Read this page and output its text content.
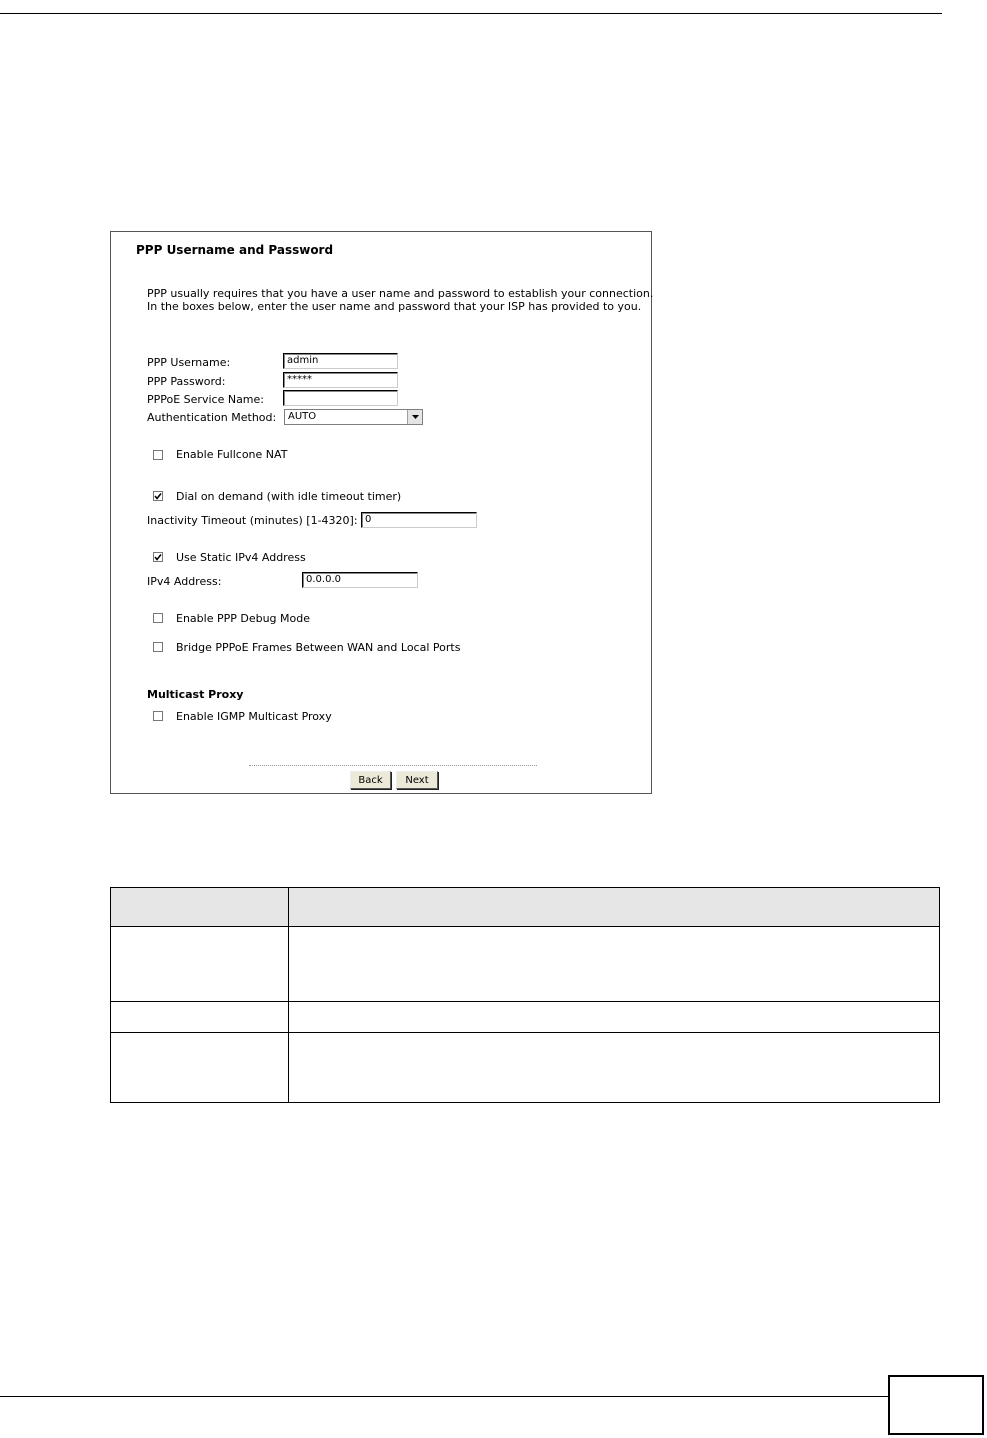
PPP Username and Password
PPP usually requires that you have a user name and password to establish your connection.
In the boxes below, enter the user name and password that your ISP has provided to you.
PPP Username:	admin
PPP Password:	*****
PPPoE Service Name:
Authentication Method:	AUTO
Enable Fullcone NAT
Dial on demand (with idle timeout timer)
Inactivity Timeout (minutes) [1-4320]: 0
Use Static IPv4 Address
IPv4 Address:	0.0.0.0
Enable PPP Debug Mode
Bridge PPPoE Frames Between WAN and Local Ports
Multicast Proxy
Enable IGMP Multicast Proxy
Back	Next
